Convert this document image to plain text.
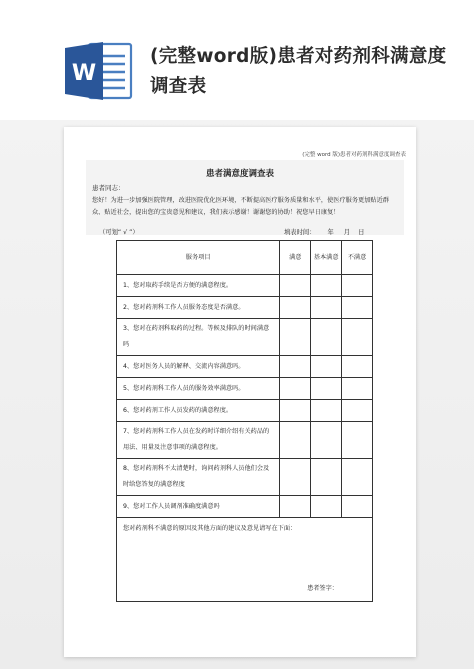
W
(完整word版)患者对药剂科满意度调查表
(完整 word 版)患者对药剂科满意度调查表
患者满意度调查表
患者同志：
您好！为进一步加强医院管理，改进医院优化医环境，不断提高医疗服务质量和水平，使医疗服务更加贴近群众、贴近社会，提出您的宝贵意见和建议，我们表示感谢！谢谢您的协助！祝您早日康复！
（可划“ √ ”）	填表时间：      年     月    日
服务项目	满意	基本满意	不满意
1、您对取药手续是否方便的满意程度。			
2、您对药剂科工作人员服务态度是否满意。			
3、您对在药剂科取药的过程。等候及排队的时间满意吗			
4、您对医务人员的解释、交流内容满意吗。			
5、您对药剂科工作人员的服务效率满意吗。			
6、您对药剂工作人员发药的满意程度。			
7、您对药剂科工作人员在发药时详细介绍有关药品的用法、用量及注意事项的满意程度。			
8、您对药剂科不太清楚时，询问药剂科人员他们会及时给您答复的满意程度			
9、您对工作人员调剂准确度满意吗			

您对药剂科不满意的原因及其他方面的建议及意见请写在下面：
患者签字：			
